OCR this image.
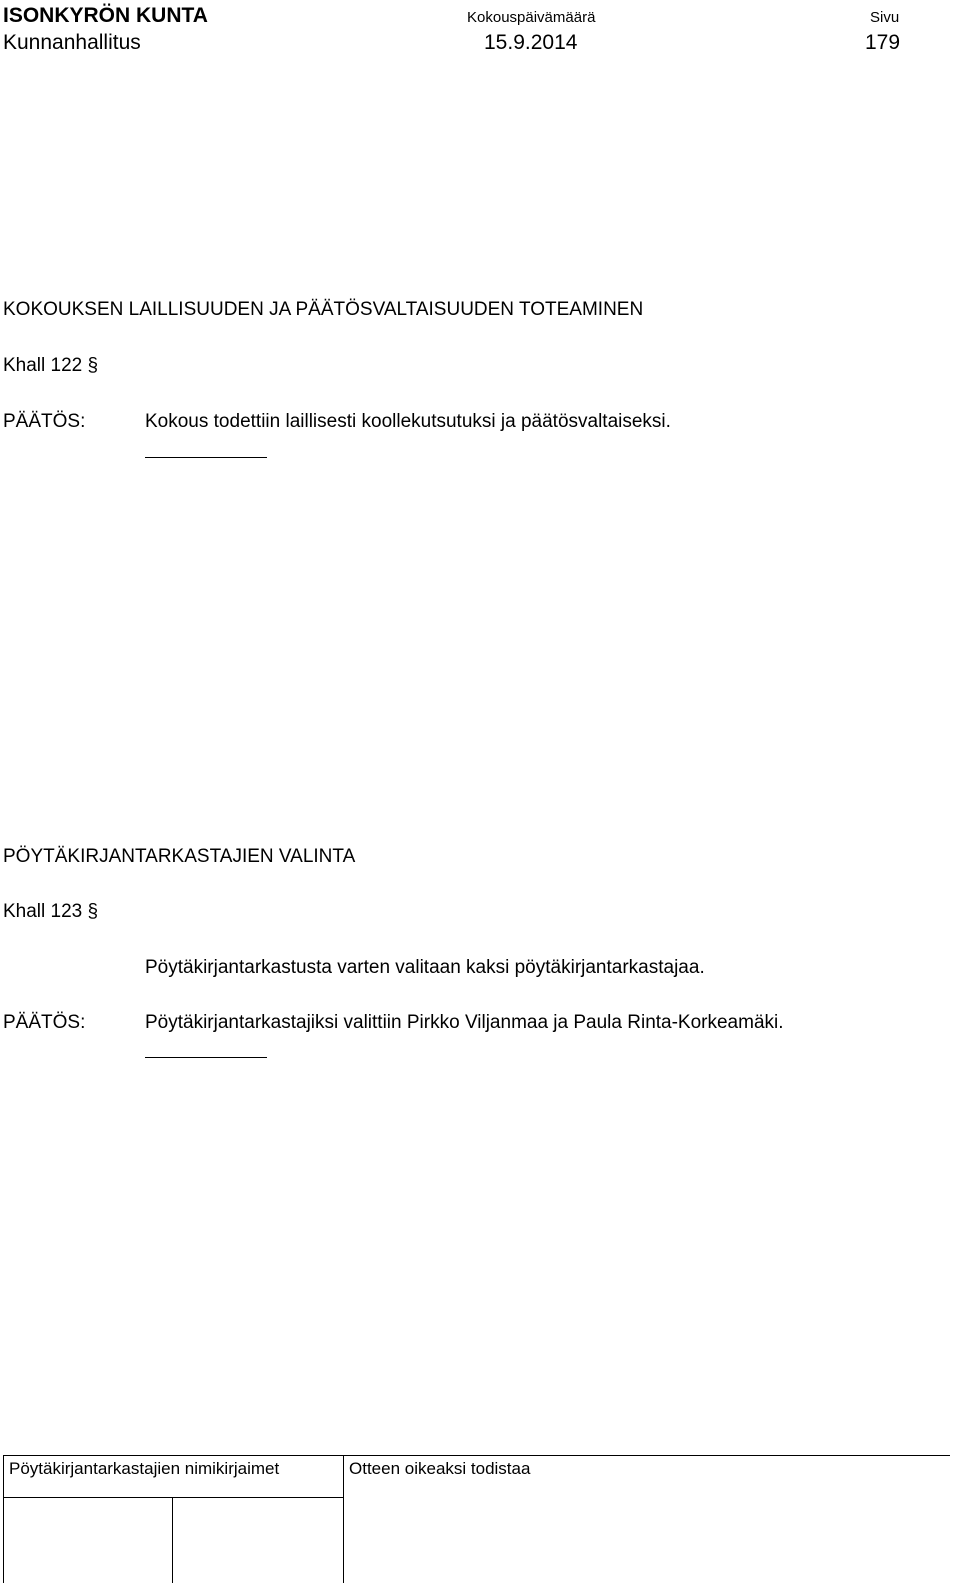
ISONKYRÖN KUNTA
Kunnanhallitus
Kokouspäivämäärä
15.9.2014
Sivu
179
KOKOUKSEN LAILLISUUDEN JA PÄÄTÖSVALTAISUUDEN TOTEAMINEN
Khall 122 §
PÄÄTÖS:	Kokous todettiin laillisesti koollekutsutuksi ja päätösvaltaiseksi.
PÖYTÄKIRJANTARKASTAJIEN VALINTA
Khall 123 §
Pöytäkirjantarkastusta varten valitaan kaksi pöytäkirjantarkastajaa.
PÄÄTÖS:	Pöytäkirjantarkastajiksi valittiin Pirkko Viljanmaa ja Paula Rinta-Korkeamäki.
Pöytäkirjantarkastajien nimikirjaimet	Otteen oikeaksi todistaa
